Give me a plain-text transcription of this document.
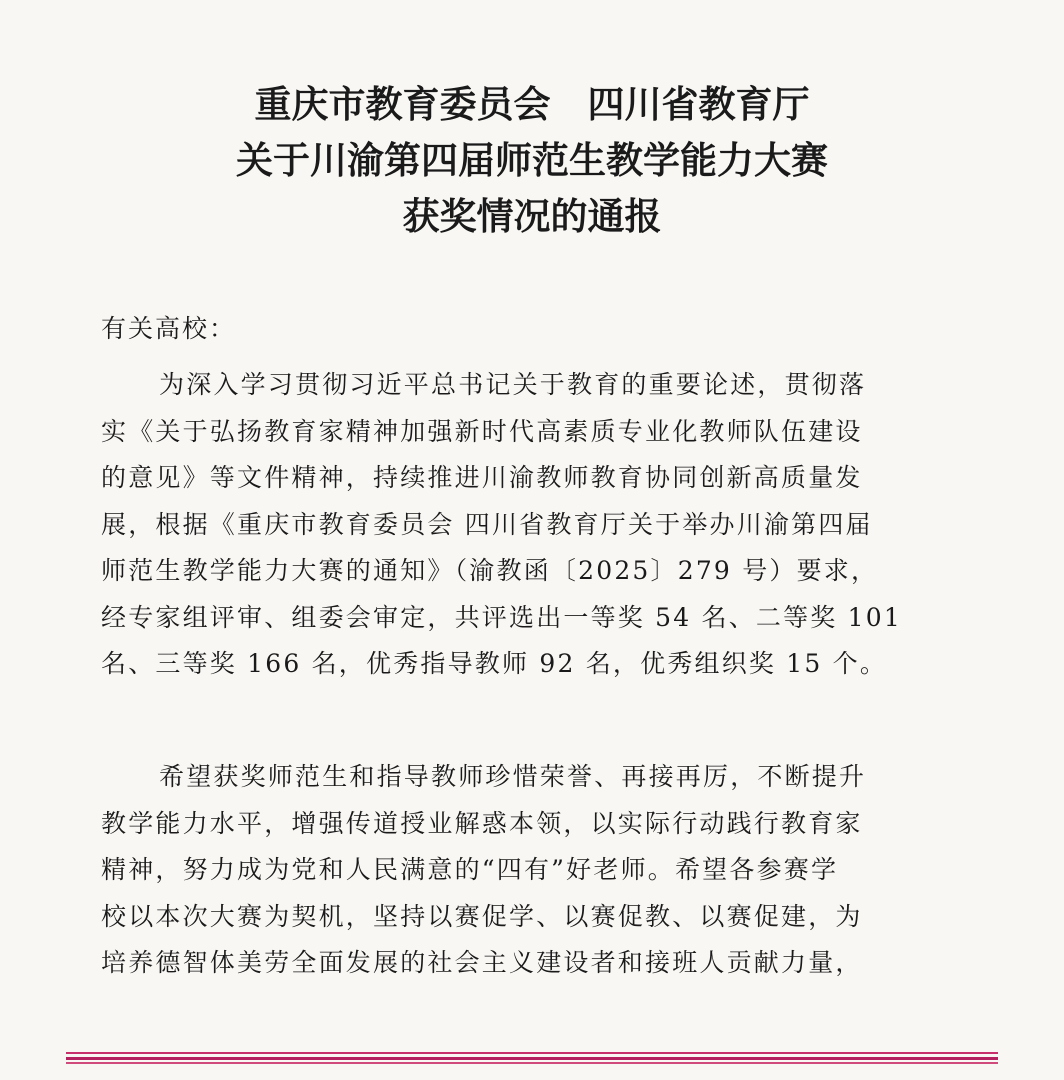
重庆市教育委员会　四川省教育厅
关于川渝第四届师范生教学能力大赛
获奖情况的通报
有关高校：
为深入学习贯彻习近平总书记关于教育的重要论述，贯彻落
实《关于弘扬教育家精神加强新时代高素质专业化教师队伍建设
的意见》等文件精神，持续推进川渝教师教育协同创新高质量发
展，根据《重庆市教育委员会 四川省教育厅关于举办川渝第四届
师范生教学能力大赛的通知》（渝教函〔2025〕279 号）要求，
经专家组评审、组委会审定，共评选出一等奖 54 名、二等奖 101
名、三等奖 166 名，优秀指导教师 92 名，优秀组织奖 15 个。
希望获奖师范生和指导教师珍惜荣誉、再接再厉，不断提升
教学能力水平，增强传道授业解惑本领，以实际行动践行教育家
精神，努力成为党和人民满意的“四有”好老师。希望各参赛学
校以本次大赛为契机，坚持以赛促学、以赛促教、以赛促建，为
培养德智体美劳全面发展的社会主义建设者和接班人贡献力量，
